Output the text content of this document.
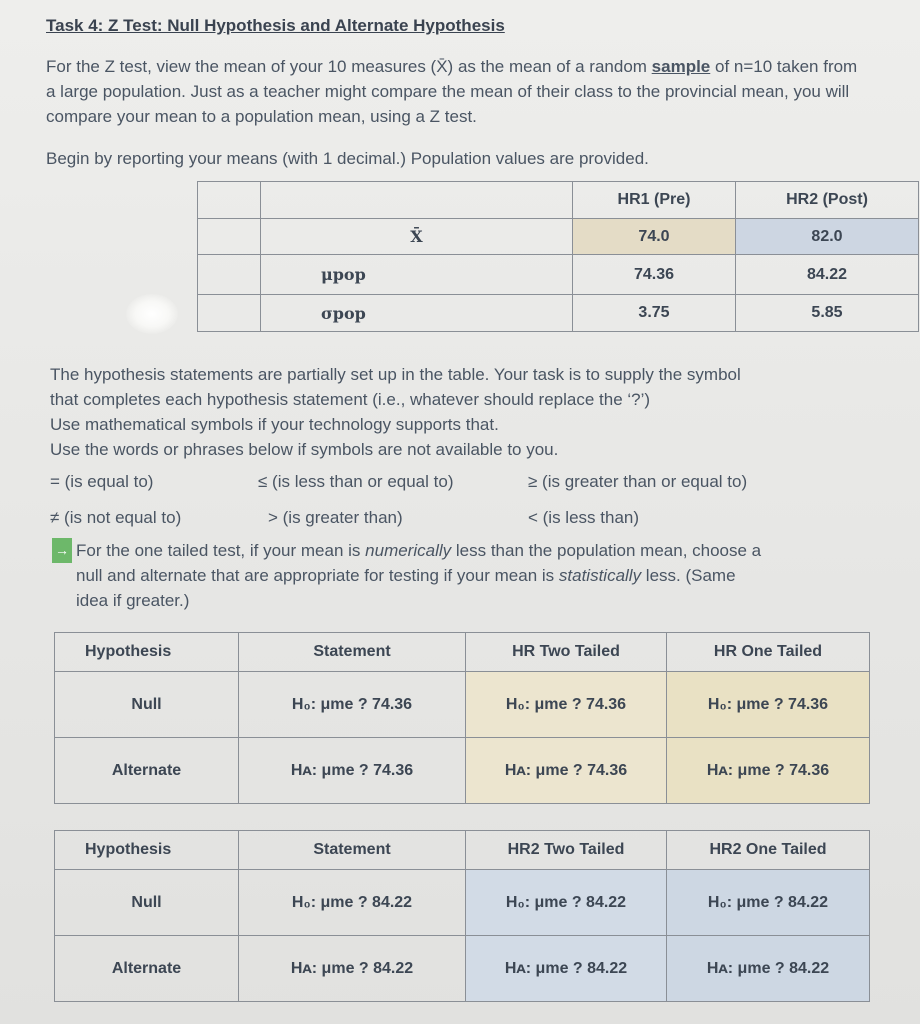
Task 4: Z Test: Null Hypothesis and Alternate Hypothesis
For the Z test, view the mean of your 10 measures (X̄) as the mean of a random sample of n=10 taken from a large population. Just as a teacher might compare the mean of their class to the provincial mean, you will compare your mean to a population mean, using a Z test.
Begin by reporting your means (with 1 decimal.) Population values are provided.
		HR1 (Pre)	HR2 (Post)
	X̄	74.0	82.0
	μpop	74.36	84.22
	σpop	3.75	5.85
The hypothesis statements are partially set up in the table. Your task is to supply the symbol
that completes each hypothesis statement (i.e., whatever should replace the ‘?’)
Use mathematical symbols if your technology supports that.
Use the words or phrases below if symbols are not available to you.
= (is equal to)	≤ (is less than or equal to)	≥ (is greater than or equal to)
≠ (is not equal to)	> (is greater than)	< (is less than)
→ For the one tailed test, if your mean is numerically less than the population mean, choose a
null and alternate that are appropriate for testing if your mean is statistically less. (Same
idea if greater.)
Hypothesis	Statement	HR Two Tailed	HR One Tailed
Null	H₀: μme ? 74.36	H₀: μme ? 74.36	H₀: μme ? 74.36
Alternate	Hᴀ: μme ? 74.36	Hᴀ: μme ? 74.36	Hᴀ: μme ? 74.36
Hypothesis	Statement	HR2 Two Tailed	HR2 One Tailed
Null	H₀: μme ? 84.22	H₀: μme ? 84.22	H₀: μme ? 84.22
Alternate	Hᴀ: μme ? 84.22	Hᴀ: μme ? 84.22	Hᴀ: μme ? 84.22
